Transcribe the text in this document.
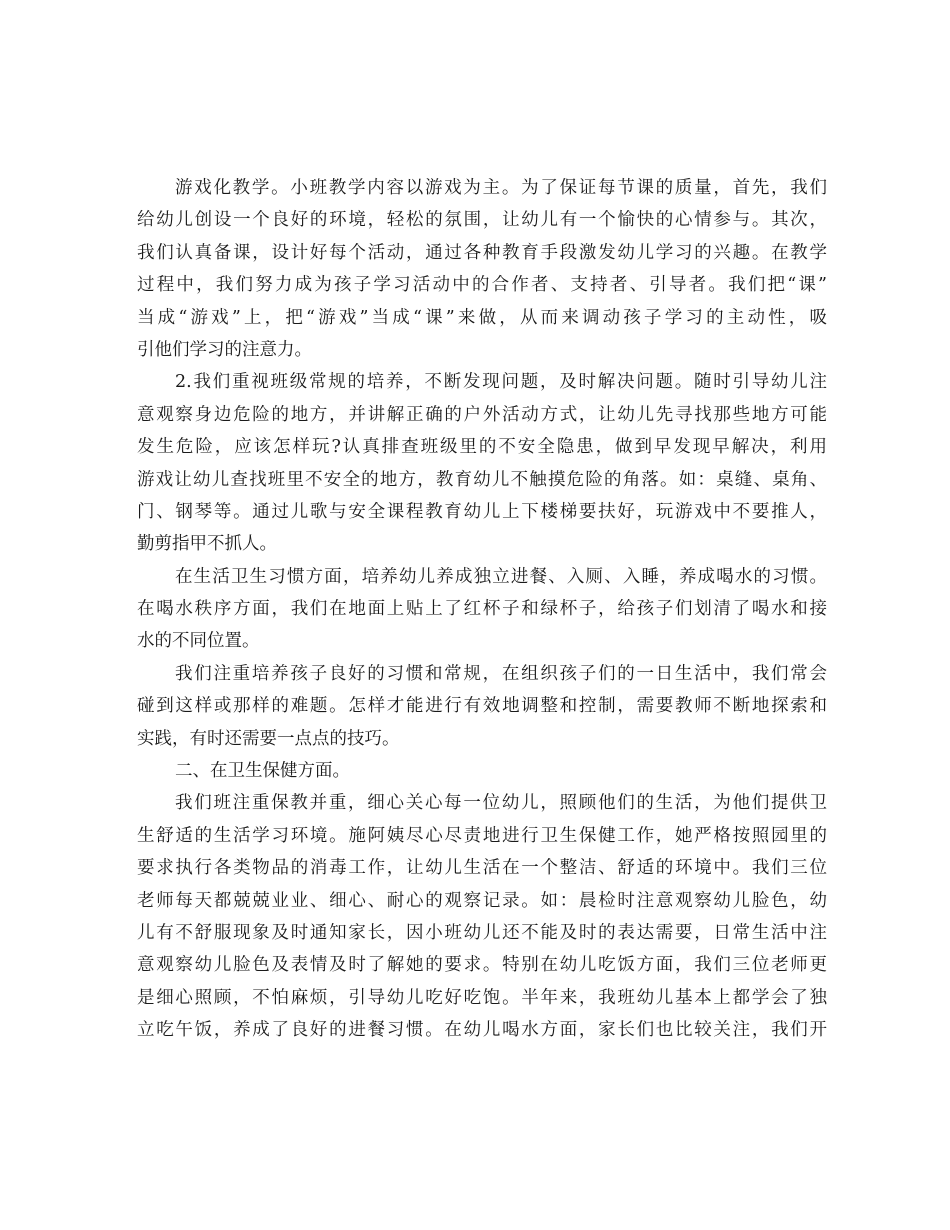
游戏化教学。小班教学内容以游戏为主。为了保证每节课的质量，首先，我们
给幼儿创设一个良好的环境，轻松的氛围，让幼儿有一个愉快的心情参与。其次，
我们认真备课，设计好每个活动，通过各种教育手段激发幼儿学习的兴趣。在教学
过程中，我们努力成为孩子学习活动中的合作者、支持者、引导者。我们把“课”
当成“游戏”上，把“游戏”当成“课”来做，从而来调动孩子学习的主动性，吸
引他们学习的注意力。
2.我们重视班级常规的培养，不断发现问题，及时解决问题。随时引导幼儿注
意观察身边危险的地方，并讲解正确的户外活动方式，让幼儿先寻找那些地方可能
发生危险，应该怎样玩?认真排查班级里的不安全隐患，做到早发现早解决，利用
游戏让幼儿查找班里不安全的地方，教育幼儿不触摸危险的角落。如：桌缝、桌角、
门、钢琴等。通过儿歌与安全课程教育幼儿上下楼梯要扶好，玩游戏中不要推人，
勤剪指甲不抓人。
在生活卫生习惯方面，培养幼儿养成独立进餐、入厕、入睡，养成喝水的习惯。
在喝水秩序方面，我们在地面上贴上了红杯子和绿杯子，给孩子们划清了喝水和接
水的不同位置。
我们注重培养孩子良好的习惯和常规，在组织孩子们的一日生活中，我们常会
碰到这样或那样的难题。怎样才能进行有效地调整和控制，需要教师不断地探索和
实践，有时还需要一点点的技巧。
二、在卫生保健方面。
我们班注重保教并重，细心关心每一位幼儿，照顾他们的生活，为他们提供卫
生舒适的生活学习环境。施阿姨尽心尽责地进行卫生保健工作，她严格按照园里的
要求执行各类物品的消毒工作，让幼儿生活在一个整洁、舒适的环境中。我们三位
老师每天都兢兢业业、细心、耐心的观察记录。如：晨检时注意观察幼儿脸色，幼
儿有不舒服现象及时通知家长，因小班幼儿还不能及时的表达需要，日常生活中注
意观察幼儿脸色及表情及时了解她的要求。特别在幼儿吃饭方面，我们三位老师更
是细心照顾，不怕麻烦，引导幼儿吃好吃饱。半年来，我班幼儿基本上都学会了独
立吃午饭，养成了良好的进餐习惯。在幼儿喝水方面，家长们也比较关注，我们开
